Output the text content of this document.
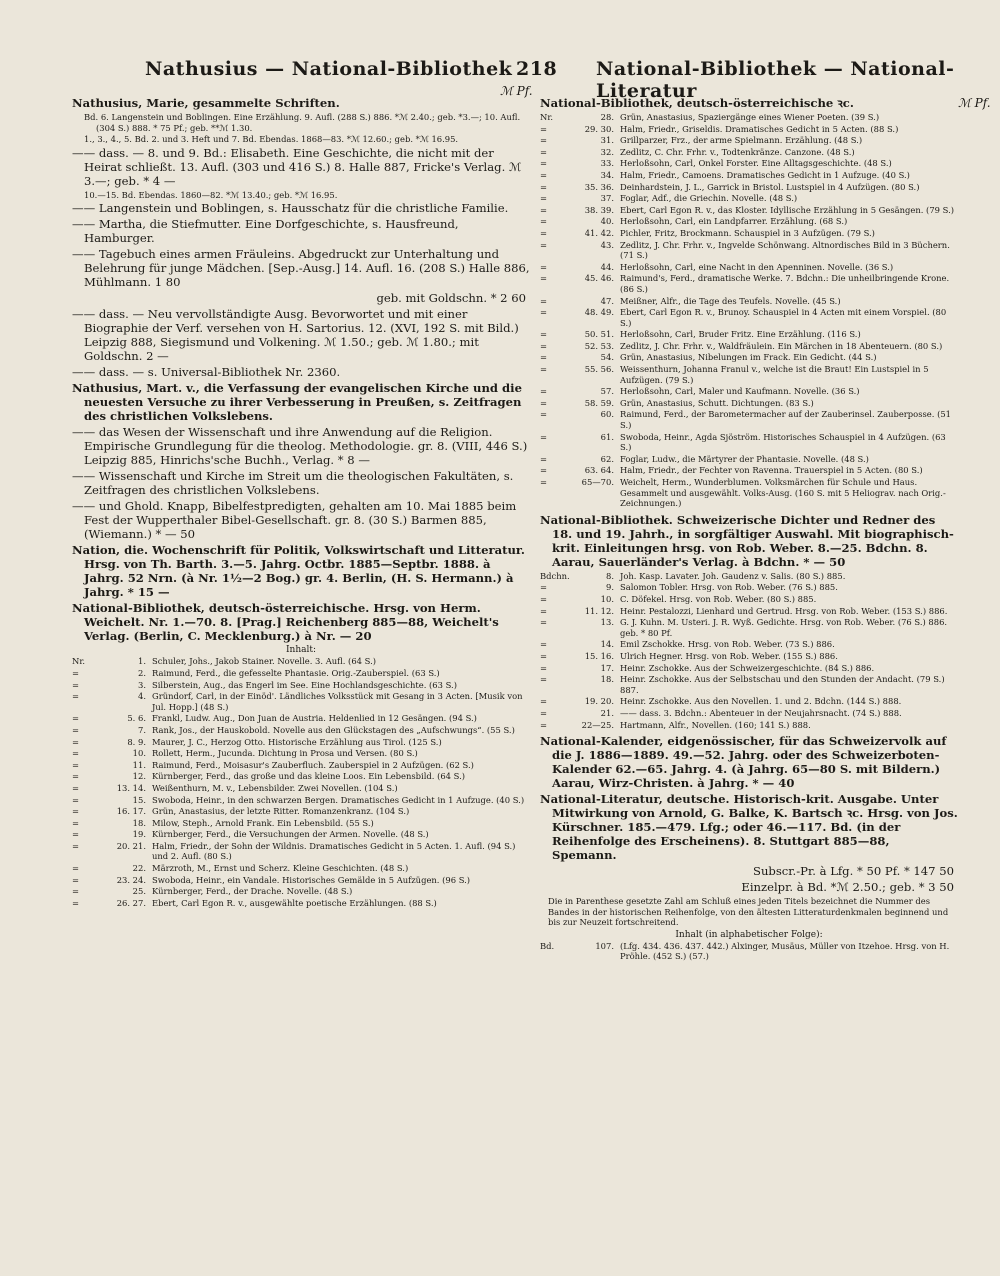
Nathusius — National-Bibliothek 218 National-Bibliothek — National-Literatur
ℳ Pf.
ℳ Pf.

Nathusius, Marie, gesammelte Schriften.

Bd. 6. Langenstein und Boblingen. Eine Erzählung. 9. Aufl. (288 S.) 886. *ℳ 2.40.; geb. *3.—; 10. Aufl. (304 S.) 888. * 75 Pf.; geb. **ℳ 1.30.

1., 3., 4., 5. Bd. 2. und 3. Heft und 7. Bd. Ebendas. 1868—83. *ℳ 12.60.; geb. *ℳ 16.95.

—— dass. — 8. und 9. Bd.: Elisabeth. Eine Geschichte, die nicht mit der Heirat schließt. 13. Aufl. (303 und 416 S.) 8. Halle 887, Fricke's Verlag. ℳ 3.—; geb. * 4 —

10.—15. Bd. Ebendas. 1860—82. *ℳ 13.40.; geb. *ℳ 16.95.

—— Langenstein und Boblingen, s. Hausschatz für die christliche Familie.

—— Martha, die Stiefmutter. Eine Dorfgeschichte, s. Hausfreund, Hamburger.

—— Tagebuch eines armen Fräuleins. Abgedruckt zur Unterhaltung und Belehrung für junge Mädchen. [Sep.-Ausg.] 14. Aufl. 16. (208 S.) Halle 886, Mühlmann. 1 80

geb. mit Goldschn. * 2 60

—— dass. — Neu vervollständigte Ausg. Bevorwortet und mit einer Biographie der Verf. versehen von H. Sartorius. 12. (XVI, 192 S. mit Bild.) Leipzig 888, Siegismund und Volkening. ℳ 1.50.; geb. ℳ 1.80.; mit Goldschn. 2 —

—— dass. — s. Universal-Bibliothek Nr. 2360.

Nathusius, Mart. v., die Verfassung der evangelischen Kirche und die neuesten Versuche zu ihrer Verbesserung in Preußen, s. Zeitfragen des christlichen Volkslebens.

—— das Wesen der Wissenschaft und ihre Anwendung auf die Religion. Empirische Grundlegung für die theolog. Methodologie. gr. 8. (VIII, 446 S.) Leipzig 885, Hinrichs'sche Buchh., Verlag. * 8 —

—— Wissenschaft und Kirche im Streit um die theologischen Fakultäten, s. Zeitfragen des christlichen Volkslebens.

—— und Ghold. Knapp, Bibelfestpredigten, gehalten am 10. Mai 1885 beim Fest der Wupperthaler Bibel-Gesellschaft. gr. 8. (30 S.) Barmen 885, (Wiemann.) * — 50

Nation, die. Wochenschrift für Politik, Volkswirtschaft und Litteratur. Hrsg. von Th. Barth. 3.—5. Jahrg. Octbr. 1885—Septbr. 1888. à Jahrg. 52 Nrn. (à Nr. 1½—2 Bog.) gr. 4. Berlin, (H. S. Hermann.) à Jahrg. * 15 —

National-Bibliothek, deutsch-österreichische. Hrsg. von Herm. Weichelt. Nr. 1.—70. 8. [Prag.] Reichenberg 885—88, Weichelt's Verlag. (Berlin, C. Mecklenburg.) à Nr. — 20

Inhalt:
Nr.	1. Schuler, Johs., Jakob Stainer. Novelle. 3. Aufl. (64 S.)
=	2. Raimund, Ferd., die gefesselte Phantasie. Orig.-Zauberspiel. (63 S.)
=	3. Silberstein, Aug., das Engerl im See. Eine Hochlandsgeschichte. (63 S.)
=	4. Gründorf, Carl, in der Einöd'. Ländliches Volksstück mit Gesang in 3 Acten. [Musik von Jul. Hopp.] (48 S.)
=	5. 6. Frankl, Ludw. Aug., Don Juan de Austria. Heldenlied in 12 Gesängen. (94 S.)
=	7. Rank, Jos., der Hauskobold. Novelle aus den Glückstagen des „Aufschwungs“. (55 S.)
=	8. 9. Maurer, J. C., Herzog Otto. Historische Erzählung aus Tirol. (125 S.)
=	10. Rollett, Herm., Jucunda. Dichtung in Prosa und Versen. (80 S.)
=	11. Raimund, Ferd., Moisasur's Zauberfluch. Zauberspiel in 2 Aufzügen. (62 S.)
=	12. Kürnberger, Ferd., das große und das kleine Loos. Ein Lebensbild. (64 S.)
=	13. 14. Weißenthurn, M. v., Lebensbilder. Zwei Novellen. (104 S.)
=	15. Swoboda, Heinr., in den schwarzen Bergen. Dramatisches Gedicht in 1 Aufzuge. (40 S.)
=	16. 17. Grün, Anastasius, der letzte Ritter. Romanzenkranz. (104 S.)
=	18. Milow, Steph., Arnold Frank. Ein Lebensbild. (55 S.)
=	19. Kürnberger, Ferd., die Versuchungen der Armen. Novelle. (48 S.)
=	20. 21. Halm, Friedr., der Sohn der Wildnis. Dramatisches Gedicht in 5 Acten. 1. Aufl. (94 S.) und 2. Aufl. (80 S.)
=	22. Märzroth, M., Ernst und Scherz. Kleine Geschichten. (48 S.)
=	23. 24. Swoboda, Heinr., ein Vandale. Historisches Gemälde in 5 Aufzügen. (96 S.)
=	25. Kürnberger, Ferd., der Drache. Novelle. (48 S.)
=	26. 27. Ebert, Carl Egon R. v., ausgewählte poetische Erzählungen. (88 S.)

National-Bibliothek, deutsch-österreichische ꝛc.

Nr.	28. Grün, Anastasius, Spaziergänge eines Wiener Poeten. (39 S.)
=	29. 30. Halm, Friedr., Griseldis. Dramatisches Gedicht in 5 Acten. (88 S.)
=	31. Grillparzer, Frz., der arme Spielmann. Erzählung. (48 S.)
=	32. Zedlitz, C. Chr. Frhr. v., Todtenkränze. Canzone. (48 S.)
=	33. Herloßsohn, Carl, Onkel Forster. Eine Alltagsgeschichte. (48 S.)
=	34. Halm, Friedr., Camoens. Dramatisches Gedicht in 1 Aufzuge. (40 S.)
=	35. 36. Deinhardstein, J. L., Garrick in Bristol. Lustspiel in 4 Aufzügen. (80 S.)
=	37. Foglar, Adf., die Griechin. Novelle. (48 S.)
=	38. 39. Ebert, Carl Egon R. v., das Kloster. Idyllische Erzählung in 5 Gesängen. (79 S.)
=	40. Herloßsohn, Carl, ein Landpfarrer. Erzählung. (68 S.)
=	41. 42. Pichler, Fritz, Brockmann. Schauspiel in 3 Aufzügen. (79 S.)
=	43. Zedlitz, J. Chr. Frhr. v., Ingvelde Schönwang. Altnordisches Bild in 3 Büchern. (71 S.)
=	44. Herloßsohn, Carl, eine Nacht in den Apenninen. Novelle. (36 S.)
=	45. 46. Raimund's, Ferd., dramatische Werke. 7. Bdchn.: Die unheilbringende Krone. (86 S.)
=	47. Meißner, Alfr., die Tage des Teufels. Novelle. (45 S.)
=	48. 49. Ebert, Carl Egon R. v., Brunoy. Schauspiel in 4 Acten mit einem Vorspiel. (80 S.)
=	50. 51. Herloßsohn, Carl, Bruder Fritz. Eine Erzählung. (116 S.)
=	52. 53. Zedlitz, J. Chr. Frhr. v., Waldfräulein. Ein Märchen in 18 Abenteuern. (80 S.)
=	54. Grün, Anastasius, Nibelungen im Frack. Ein Gedicht. (44 S.)
=	55. 56. Weissenthurn, Johanna Franul v., welche ist die Braut! Ein Lustspiel in 5 Aufzügen. (79 S.)
=	57. Herloßsohn, Carl, Maler und Kaufmann. Novelle. (36 S.)
=	58. 59. Grün, Anastasius, Schutt. Dichtungen. (83 S.)
=	60. Raimund, Ferd., der Barometermacher auf der Zauberinsel. Zauberposse. (51 S.)
=	61. Swoboda, Heinr., Agda Sjöström. Historisches Schauspiel in 4 Aufzügen. (63 S.)
=	62. Foglar, Ludw., die Märtyrer der Phantasie. Novelle. (48 S.)
=	63. 64. Halm, Friedr., der Fechter von Ravenna. Trauerspiel in 5 Acten. (80 S.)
=	65—70. Weichelt, Herm., Wunderblumen. Volksmärchen für Schule und Haus. Gesammelt und ausgewählt. Volks-Ausg. (160 S. mit 5 Heliograv. nach Orig.-Zeichnungen.)

National-Bibliothek. Schweizerische Dichter und Redner des 18. und 19. Jahrh., in sorgfältiger Auswahl. Mit biographisch-krit. Einleitungen hrsg. von Rob. Weber. 8.—25. Bdchn. 8. Aarau, Sauerländer's Verlag. à Bdchn. * — 50

Bdchn.	8. Joh. Kasp. Lavater. Joh. Gaudenz v. Salis. (80 S.) 885.
=	9. Salomon Tobler. Hrsg. von Rob. Weber. (76 S.) 885.
=	10. C. Döfekel. Hrsg. von Rob. Weber. (80 S.) 885.
=	11. 12. Heinr. Pestalozzi, Lienhard und Gertrud. Hrsg. von Rob. Weber. (153 S.) 886.
=	13. G. J. Kuhn. M. Usteri. J. R. Wyß. Gedichte. Hrsg. von Rob. Weber. (76 S.) 886. geb. * 80 Pf.
=	14. Emil Zschokke. Hrsg. von Rob. Weber. (73 S.) 886.
=	15. 16. Ulrich Hegner. Hrsg. von Rob. Weber. (155 S.) 886.
=	17. Heinr. Zschokke. Aus der Schweizergeschichte. (84 S.) 886.
=	18. Heinr. Zschokke. Aus der Selbstschau und den Stunden der Andacht. (79 S.) 887.
=	19. 20. Heinr. Zschokke. Aus den Novellen. 1. und 2. Bdchn. (144 S.) 888.
=	21. —— dass. 3. Bdchn.: Abenteuer in der Neujahrsnacht. (74 S.) 888.
=	22—25. Hartmann, Alfr., Novellen. (160; 141 S.) 888.

National-Kalender, eidgenössischer, für das Schweizervolk auf die J. 1886—1889. 49.—52. Jahrg. oder des Schweizerboten-Kalender 62.—65. Jahrg. 4. (à Jahrg. 65—80 S. mit Bildern.) Aarau, Wirz-Christen. à Jahrg. * — 40

National-Literatur, deutsche. Historisch-krit. Ausgabe. Unter Mitwirkung von Arnold, G. Balke, K. Bartsch ꝛc. Hrsg. von Jos. Kürschner. 185.—479. Lfg.; oder 46.—117. Bd. (in der Reihenfolge des Erscheinens). 8. Stuttgart 885—88, Spemann.

Subscr.-Pr. à Lfg. * 50 Pf. * 147 50

Einzelpr. à Bd. *ℳ 2.50.; geb. * 3 50

Die in Parenthese gesetzte Zahl am Schluß eines jeden Titels bezeichnet die Nummer des Bandes in der historischen Reihenfolge, von den ältesten Litteraturdenkmalen beginnend und bis zur Neuzeit fortschreitend.

Inhalt (in alphabetischer Folge):
Bd.	107. (Lfg. 434. 436. 437. 442.) Alxinger, Musäus, Müller von Itzehoe. Hrsg. von H. Pröhle. (452 S.) (57.)
